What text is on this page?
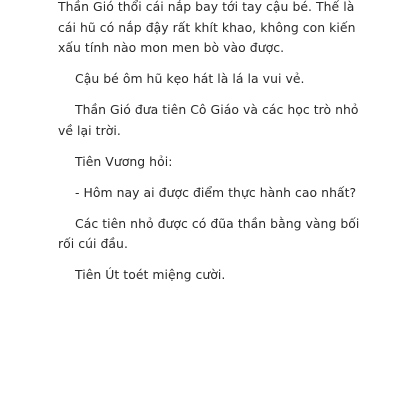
Thần Gió thổi cái nắp bay tới tay cậu bé. Thế là cái hũ có nắp đậy rất khít khao, không con kiến xấu tính nào mon men bò vào được.

Cậu bé ôm hũ kẹo hát là lá la vui vẻ.

Thần Gió đưa tiên Cô Giáo và các học trò nhỏ về lại trời.

Tiên Vương hỏi:

- Hôm nay ai được điểm thực hành cao nhất?

Các tiên nhỏ được có đũa thần bằng vàng bối rối cúi đầu.

Tiên Út toét miệng cười.
